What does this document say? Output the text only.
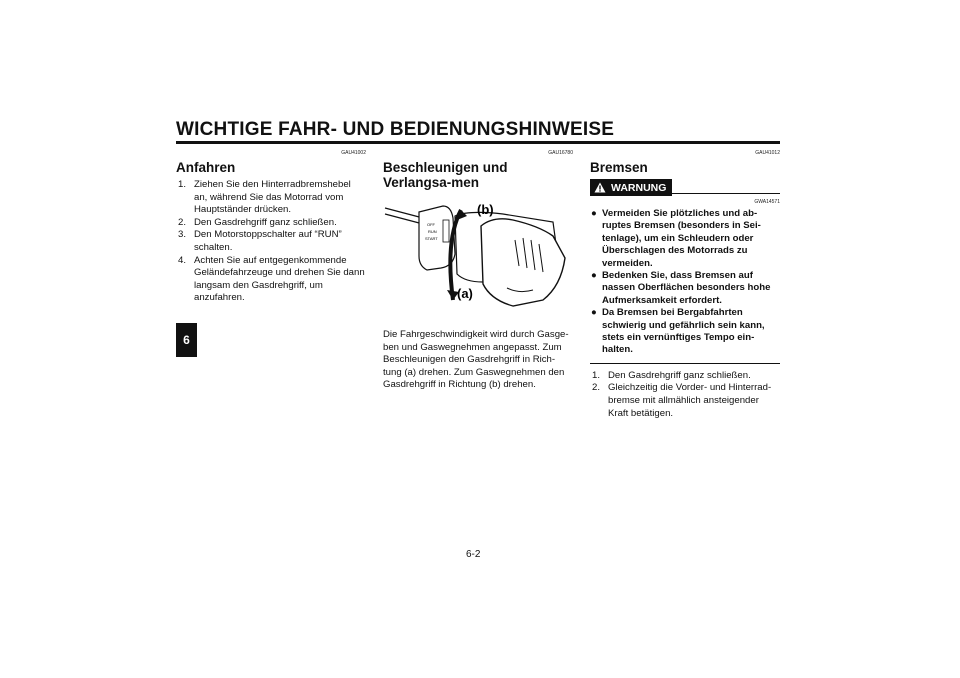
WICHTIGE FAHR- UND BEDIENUNGSHINWEISE
6
GAU41002
Anfahren
1. Ziehen Sie den Hinterradbremshebel an, während Sie das Motorrad vom Hauptständer drücken.
2. Den Gasdrehgriff ganz schließen.
3. Den Motorstoppschalter auf “RUN” schalten.
4. Achten Sie auf entgegenkommende Geländefahrzeuge und drehen Sie dann langsam den Gasdrehgriff, um anzufahren.
GAU16780
Beschleunigen und Verlangsa-men
OFF
RUN
START
(b)
(a)

Die Fahrgeschwindigkeit wird durch Gasge-ben und Gaswegnehmen angepasst. Zum Beschleunigen den Gasdrehgriff in Rich-tung (a) drehen. Zum Gaswegnehmen den Gasdrehgriff in Richtung (b) drehen.

GAU41012
Bremsen
WARNUNG
GWA14571
● Vermeiden Sie plötzliches und ab-ruptes Bremsen (besonders in Sei-tenlage), um ein Schleudern oder Überschlagen des Motorrads zu vermeiden.
● Bedenken Sie, dass Bremsen auf nassen Oberflächen besonders hohe Aufmerksamkeit erfordert.
● Da Bremsen bei Bergabfahrten schwierig und gefährlich sein kann, stets ein vernünftiges Tempo ein-halten.
1. Den Gasdrehgriff ganz schließen.
2. Gleichzeitig die Vorder- und Hinterrad-bremse mit allmählich ansteigender Kraft betätigen.
6-2
